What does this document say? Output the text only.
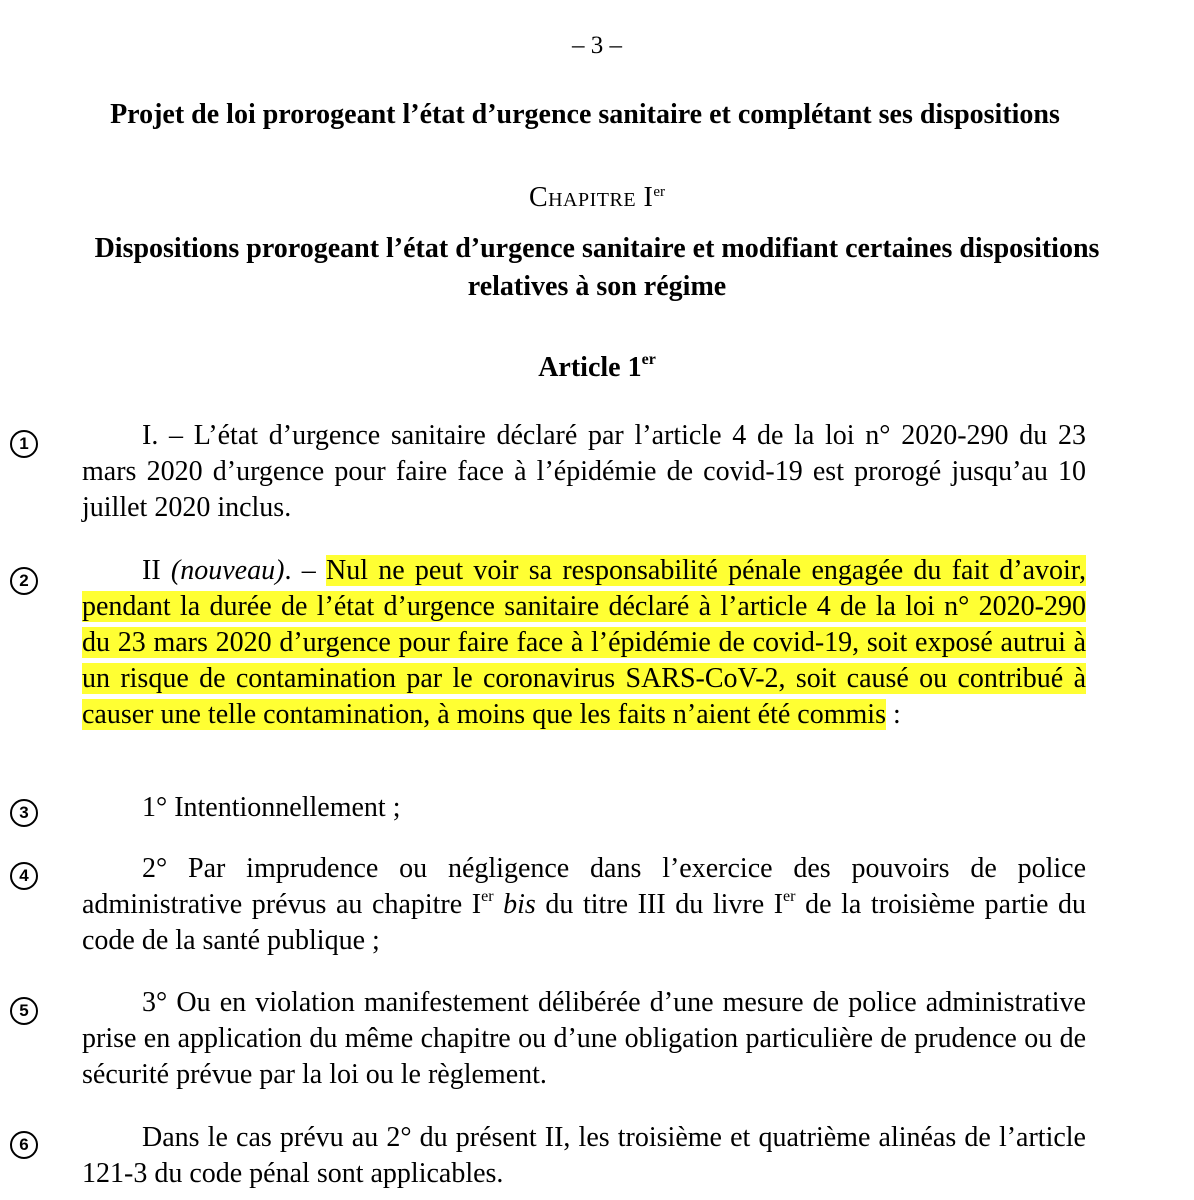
– 3 –
Projet de loi prorogeant l’état d’urgence sanitaire et complétant ses dispositions
Chapitre Ier
Dispositions prorogeant l’état d’urgence sanitaire et modifiant certaines dispositions relatives à son régime
Article 1er
1
2
3
4
5
6
I. – L’état d’urgence sanitaire déclaré par l’article 4 de la loi n° 2020-290 du 23 mars 2020 d’urgence pour faire face à l’épidémie de covid-19 est prorogé jusqu’au 10 juillet 2020 inclus.
II (nouveau). – Nul ne peut voir sa responsabilité pénale engagée du fait d’avoir, pendant la durée de l’état d’urgence sanitaire déclaré à l’article 4 de la loi n° 2020-290 du 23 mars 2020 d’urgence pour faire face à l’épidémie de covid-19, soit exposé autrui à un risque de contamination par le coronavirus SARS-CoV-2, soit causé ou contribué à causer une telle contamination, à moins que les faits n’aient été commis :
1° Intentionnellement ;
2° Par imprudence ou négligence dans l’exercice des pouvoirs de police administrative prévus au chapitre Ier bis du titre III du livre Ier de la troisième partie du code de la santé publique ;
3° Ou en violation manifestement délibérée d’une mesure de police administrative prise en application du même chapitre ou d’une obligation particulière de prudence ou de sécurité prévue par la loi ou le règlement.
Dans le cas prévu au 2° du présent II, les troisième et quatrième alinéas de l’article 121-3 du code pénal sont applicables.
